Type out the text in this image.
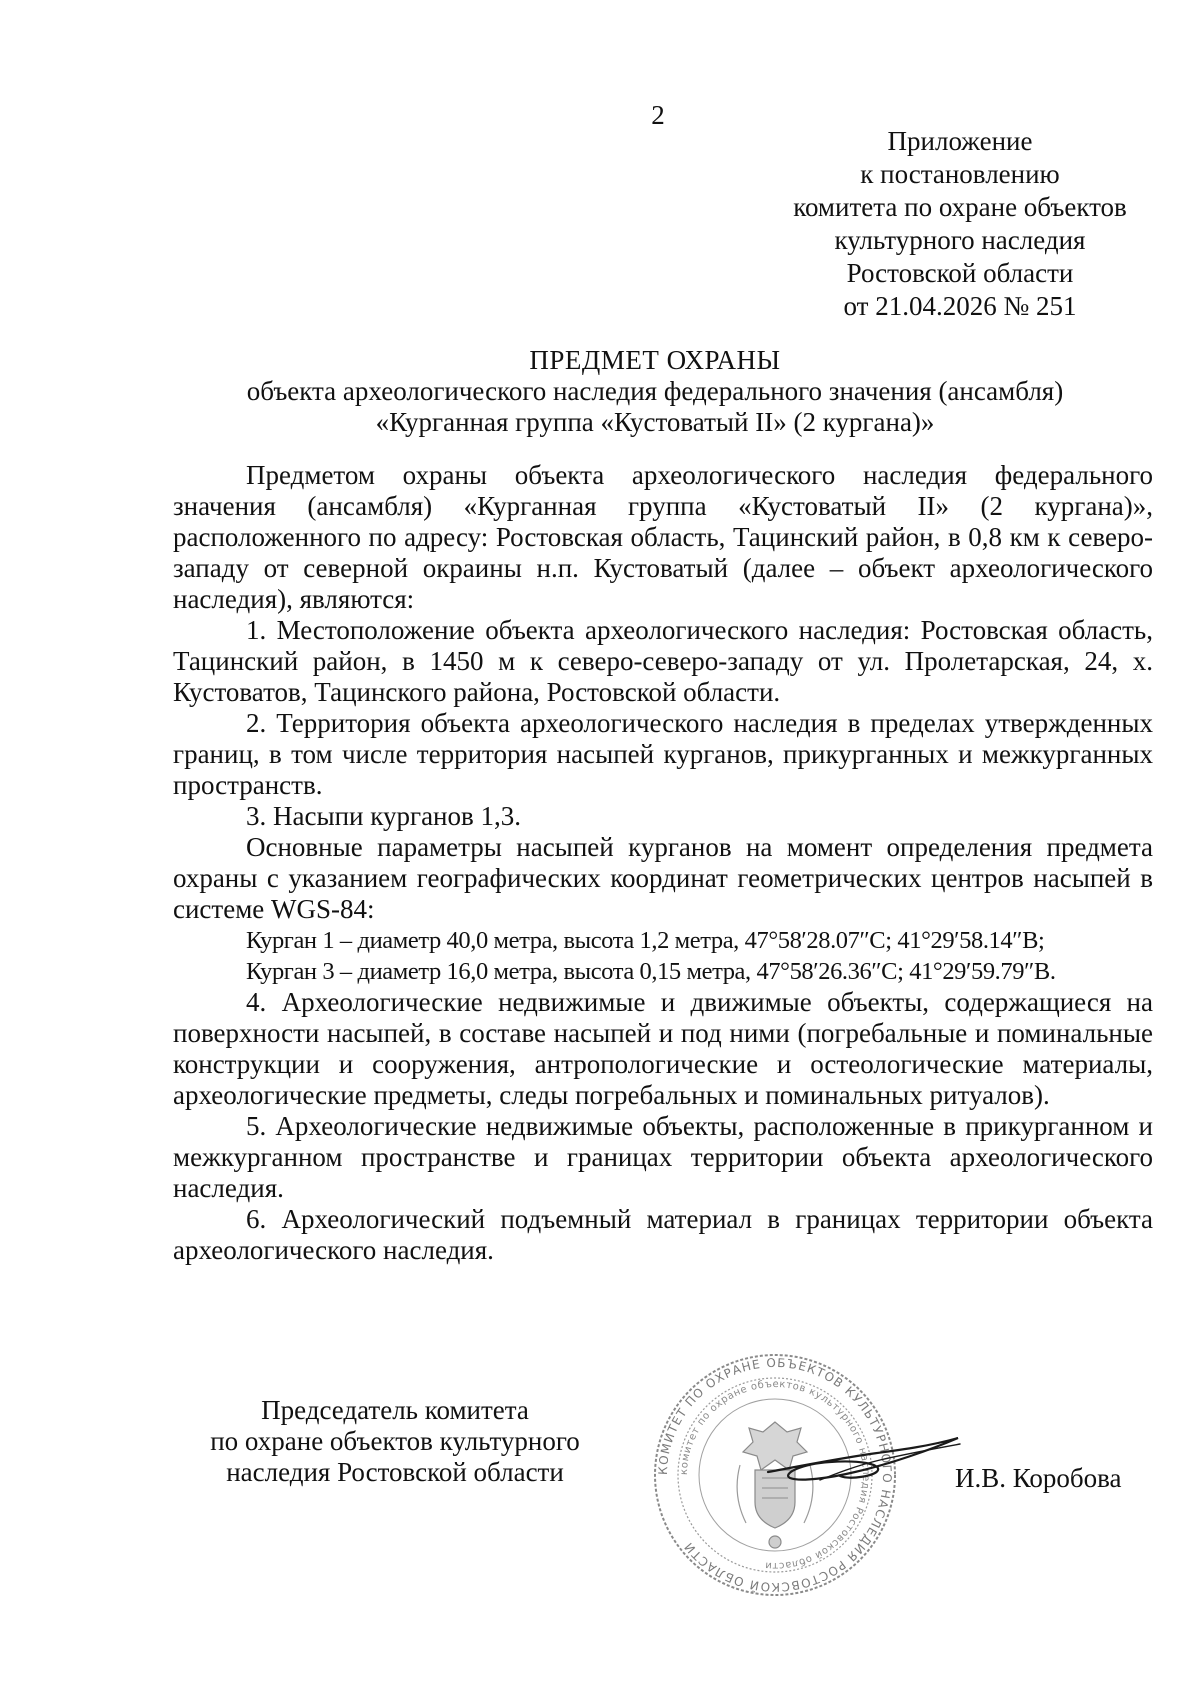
2
Приложение
к постановлению
комитета по охране объектов
культурного наследия
Ростовской области
от 21.04.2026 № 251
ПРЕДМЕТ ОХРАНЫ
объекта археологического наследия федерального значения (ансамбля)
«Курганная группа «Кустоватый II» (2 кургана)»

Предметом охраны объекта археологического наследия федерального значения (ансамбля) «Курганная группа «Кустоватый II» (2 кургана)», расположенного по адресу: Ростовская область, Тацинский район, в 0,8 км к северо-западу от северной окраины н.п. Кустоватый (далее – объект археологического наследия), являются:

1. Местоположение объекта археологического наследия: Ростовская область, Тацинский район, в 1450 м к северо-северо-западу от ул. Пролетарская, 24, х. Кустоватов, Тацинского района, Ростовской области.

2. Территория объекта археологического наследия в пределах утвержденных границ, в том числе территория насыпей курганов, прикурганных и межкурганных пространств.

3. Насыпи курганов 1,3.

Основные параметры насыпей курганов на момент определения предмета охраны с указанием географических координат геометрических центров насыпей в системе WGS-84:

Курган 1 – диаметр 40,0 метра, высота 1,2 метра, 47°58′28.07″С; 41°29′58.14″В;

Курган 3 – диаметр 16,0 метра, высота 0,15 метра, 47°58′26.36″С; 41°29′59.79″В.

4. Археологические недвижимые и движимые объекты, содержащиеся на поверхности насыпей, в составе насыпей и под ними (погребальные и поминальные конструкции и сооружения, антропологические и остеологические материалы, археологические предметы, следы погребальных и поминальных ритуалов).

5. Археологические недвижимые объекты, расположенные в прикурганном и межкурганном пространстве и границах территории объекта археологического наследия.

6. Археологический подъемный материал в границах территории объекта археологического наследия.

Председатель комитета
по охране объектов культурного
наследия Ростовской области	КОМИТЕТ ПО ОХРАНЕ ОБЪЕКТОВ КУЛЬТУРНОГО НАСЛЕДИЯ РОСТОВСКОЙ ОБЛАСТИ
комитет по охране объектов культурного наследия Ростовской области
И.В. Коробова
